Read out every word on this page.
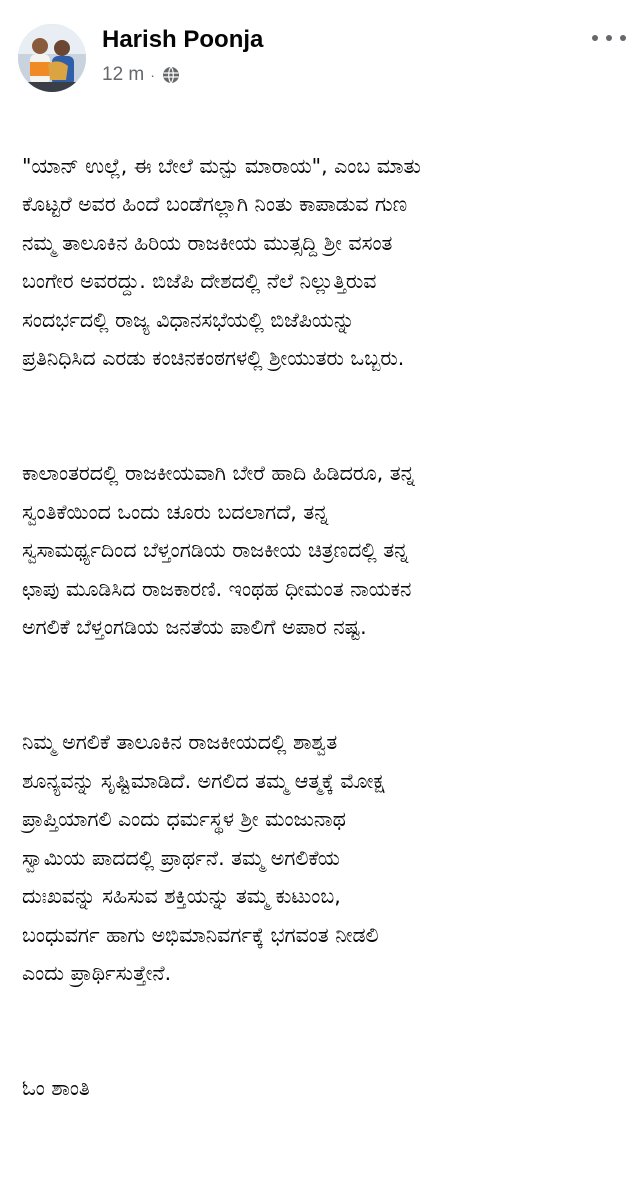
Harish Poonja
12 m ·

"ಯಾನ್ ಉಲ್ಲೆ, ಈ ಬೇಲೆ ಮನ್ಪು ಮಾರಾಯ", ಎಂಬ ಮಾತು
ಕೊಟ್ಟರೆ ಅವರ ಹಿಂದೆ ಬಂಡೆಗಲ್ಲಾಗಿ ನಿಂತು ಕಾಪಾಡುವ ಗುಣ
ನಮ್ಮ ತಾಲೂಕಿನ ಹಿರಿಯ ರಾಜಕೀಯ ಮುತ್ಸದ್ದಿ ಶ್ರೀ ವಸಂತ
ಬಂಗೇರ ಅವರದ್ದು. ಬಿಜೆಪಿ ದೇಶದಲ್ಲಿ ನೆಲೆ ನಿಲ್ಲುತ್ತಿರುವ
ಸಂದರ್ಭದಲ್ಲಿ ರಾಜ್ಯ ವಿಧಾನಸಭೆಯಲ್ಲಿ ಬಿಜೆಪಿಯನ್ನು
ಪ್ರತಿನಿಧಿಸಿದ ಎರಡು ಕಂಚಿನಕಂಠಗಳಲ್ಲಿ ಶ್ರೀಯುತರು ಒಬ್ಬರು.

ಕಾಲಾಂತರದಲ್ಲಿ ರಾಜಕೀಯವಾಗಿ ಬೇರೆ ಹಾದಿ ಹಿಡಿದರೂ, ತನ್ನ
ಸ್ವಂತಿಕೆಯಿಂದ ಒಂದು ಚೂರು ಬದಲಾಗದೆ, ತನ್ನ
ಸ್ವಸಾಮರ್ಥ್ಯದಿಂದ ಬೆಳ್ತಂಗಡಿಯ ರಾಜಕೀಯ ಚಿತ್ರಣದಲ್ಲಿ ತನ್ನ
ಛಾಪು ಮೂಡಿಸಿದ ರಾಜಕಾರಣಿ. ಇಂಥಹ ಧೀಮಂತ ನಾಯಕನ
ಅಗಲಿಕೆ ಬೆಳ್ತಂಗಡಿಯ ಜನತೆಯ ಪಾಲಿಗೆ ಅಪಾರ ನಷ್ಟ.

ನಿಮ್ಮ ಅಗಲಿಕೆ ತಾಲೂಕಿನ ರಾಜಕೀಯದಲ್ಲಿ ಶಾಶ್ವತ
ಶೂನ್ಯವನ್ನು ಸೃಷ್ಟಿಮಾಡಿದೆ. ಅಗಲಿದ ತಮ್ಮ ಆತ್ಮಕ್ಕೆ ಮೋಕ್ಷ
ಪ್ರಾಪ್ತಿಯಾಗಲಿ ಎಂದು ಧರ್ಮಸ್ಥಳ ಶ್ರೀ ಮಂಜುನಾಥ
ಸ್ವಾಮಿಯ ಪಾದದಲ್ಲಿ ಪ್ರಾರ್ಥನೆ. ತಮ್ಮ ಅಗಲಿಕೆಯ
ದುಃಖವನ್ನು ಸಹಿಸುವ ಶಕ್ತಿಯನ್ನು ತಮ್ಮ ಕುಟುಂಬ,
ಬಂಧುವರ್ಗ ಹಾಗು ಅಭಿಮಾನಿವರ್ಗಕ್ಕೆ ಭಗವಂತ ನೀಡಲಿ
ಎಂದು ಪ್ರಾರ್ಥಿಸುತ್ತೇನೆ.

ಓಂ ಶಾಂತಿ
